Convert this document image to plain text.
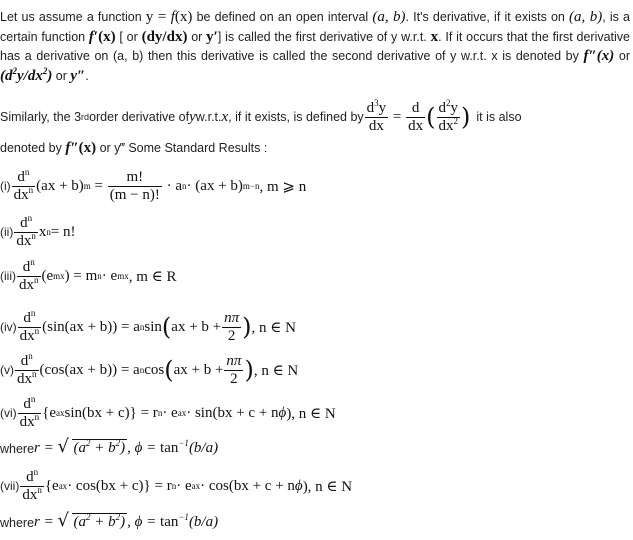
Let us assume a function y = f(x) be defined on an open interval (a, b). It's derivative, if it exists on (a, b), is a certain function f′(x) [ or (dy/dx) or y′] is called the first derivative of y w.r.t. x. If it occurs that the first derivative has a derivative on (a, b) then this derivative is called the second derivative of y w.r.t. x is denoted by f″(x) or $(d^2y/dx^2)$ or y″.
Similarly, the 3 rd order derivative of y w.r.t. x , if it exists, is defined by $\frac{d^3y}{dx} = \frac{d}{dx}$ ( $\frac{d^2y}{dx^2}$ ) it is also
denoted by f″(x) or y‴ Some Standard Results :
$(i) \frac{d^n}{dx^n} (ax + b) m = \frac{m!}{(m - n)!} \cdot a$ n · (ax + b) m−n , m ⩾ n
$(ii) \frac{d^n}{dx^n}$ x n = n!
$(iii) \frac{d^n}{dx^n} (e$ mx ) = m n · e mx , m ∈ R
$(iv) \frac{d^n}{dx^n} (\sin(ax + b)) = a$ n sin ( ax + $b + \frac{n\pi}{2}$ ) , n ∈ N
$(v) \frac{d^n}{dx^n} (\cos(ax + b)) = a$ n cos ( ax + $b + \frac{n\pi}{2}$ ) , n ∈ N
$(vi) \frac{d^n}{dx^n} \{e$ ax sin(bx + c)} = r n · e ax · sin(bx + c + n ϕ ), n ∈ N
where r = √ $(a^2 + b^2)$ , $\phi = \tan^{-1}(b/a)$
$(vii) \frac{d^n}{dx^n} \{e$ ax · cos(bx + c)} = r n · e ax · cos(bx + c + n ϕ ), n ∈ N
where r = √ $(a^2 + b^2)$ , $\phi = \tan^{-1}(b/a)$
